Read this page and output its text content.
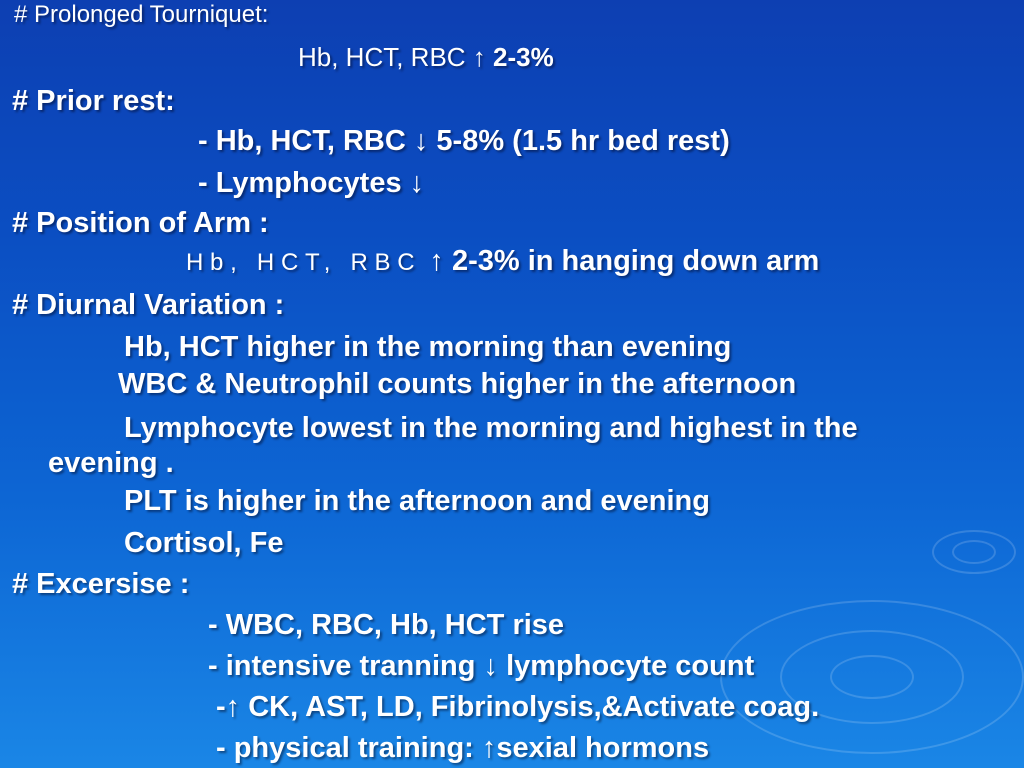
# Prolonged Tourniquet:
Hb, HCT, RBC ↑ 2-3%
# Prior rest:
- Hb, HCT, RBC ↓ 5-8% (1.5 hr bed rest)
- Lymphocytes ↓
# Position of Arm :
Hb, HCT, RBC ↑ 2-3% in hanging down arm
# Diurnal Variation :
Hb, HCT higher in the morning than evening
WBC & Neutrophil counts higher in the afternoon
Lymphocyte lowest in the morning and highest in the
evening .
PLT is higher in the afternoon and evening
Cortisol, Fe
# Excersise :
- WBC, RBC, Hb, HCT rise
- intensive tranning ↓ lymphocyte count
-↑ CK, AST, LD, Fibrinolysis,&Activate coag.
- physical training: ↑sexial hormons
